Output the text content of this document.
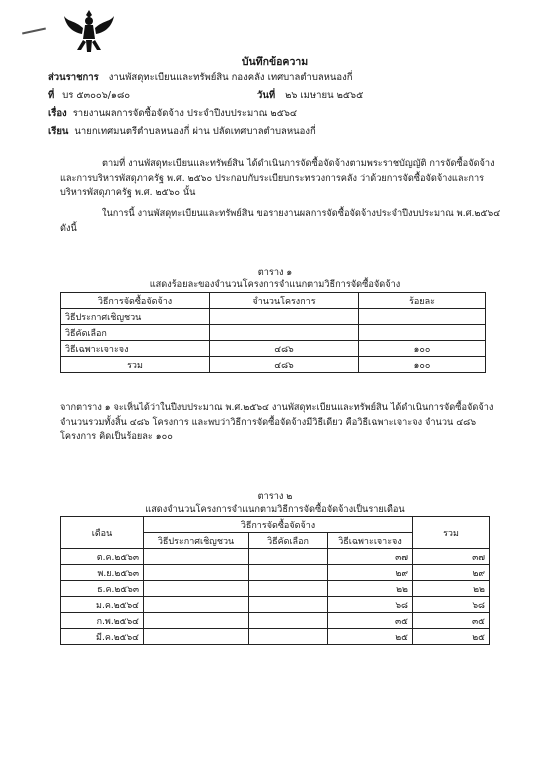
บันทึกข้อความ
ส่วนราชการ งานพัสดุทะเบียนและทรัพย์สิน กองคลัง เทศบาลตำบลหนองกี่
ที่ บร ๕๓๐๐๖/๑๘๐	วันที่ ๒๖ เมษายน ๒๕๖๕
เรื่อง รายงานผลการจัดซื้อจัดจ้าง ประจำปีงบประมาณ ๒๕๖๔
เรียน นายกเทศมนตรีตำบลหนองกี่ ผ่าน ปลัดเทศบาลตำบลหนองกี่
ตามที่ งานพัสดุทะเบียนและทรัพย์สิน ได้ดำเนินการจัดซื้อจัดจ้างตามพระราชบัญญัติ การจัดซื้อจัดจ้างและการบริหารพัสดุภาครัฐ พ.ศ. ๒๕๖๐ ประกอบกับระเบียบกระทรวงการคลัง ว่าด้วยการจัดซื้อจัดจ้างและการบริหารพัสดุภาครัฐ พ.ศ. ๒๕๖๐ นั้น
ในการนี้ งานพัสดุทะเบียนและทรัพย์สิน ขอรายงานผลการจัดซื้อจัดจ้างประจำปีงบประมาณ พ.ศ.๒๕๖๔ ดังนี้
ตาราง ๑
แสดงร้อยละของจำนวนโครงการจำแนกตามวิธีการจัดซื้อจัดจ้าง
วิธีการจัดซื้อจัดจ้าง	จำนวนโครงการ	ร้อยละ
วิธีประกาศเชิญชวน		
วิธีคัดเลือก		
วิธีเฉพาะเจาะจง	๔๘๖	๑๐๐
รวม	๔๘๖	๑๐๐
จากตาราง ๑ จะเห็นได้ว่าในปีงบประมาณ พ.ศ.๒๕๖๔ งานพัสดุทะเบียนและทรัพย์สิน ได้ดำเนินการจัดซื้อจัดจ้าง จำนวนรวมทั้งสิ้น ๔๘๖ โครงการ และพบว่าวิธีการจัดซื้อจัดจ้างมีวิธีเดียว คือวิธีเฉพาะเจาะจง จำนวน ๔๘๖ โครงการ คิดเป็นร้อยละ ๑๐๐
ตาราง ๒
แสดงจำนวนโครงการจำแนกตามวิธีการจัดซื้อจัดจ้างเป็นรายเดือน
เดือน	วิธีการจัดซื้อจัดจ้าง			รวม
	วิธีประกาศเชิญชวน	วิธีคัดเลือก	วิธีเฉพาะเจาะจง	
ต.ค.๒๕๖๓			๓๗	๓๗
พ.ย.๒๕๖๓			๒๙	๒๙
ธ.ค.๒๕๖๓			๒๒	๒๒
ม.ค.๒๕๖๔			๖๘	๖๘
ก.พ.๒๕๖๔			๓๕	๓๕
มี.ค.๒๕๖๔			๒๕	๒๕
